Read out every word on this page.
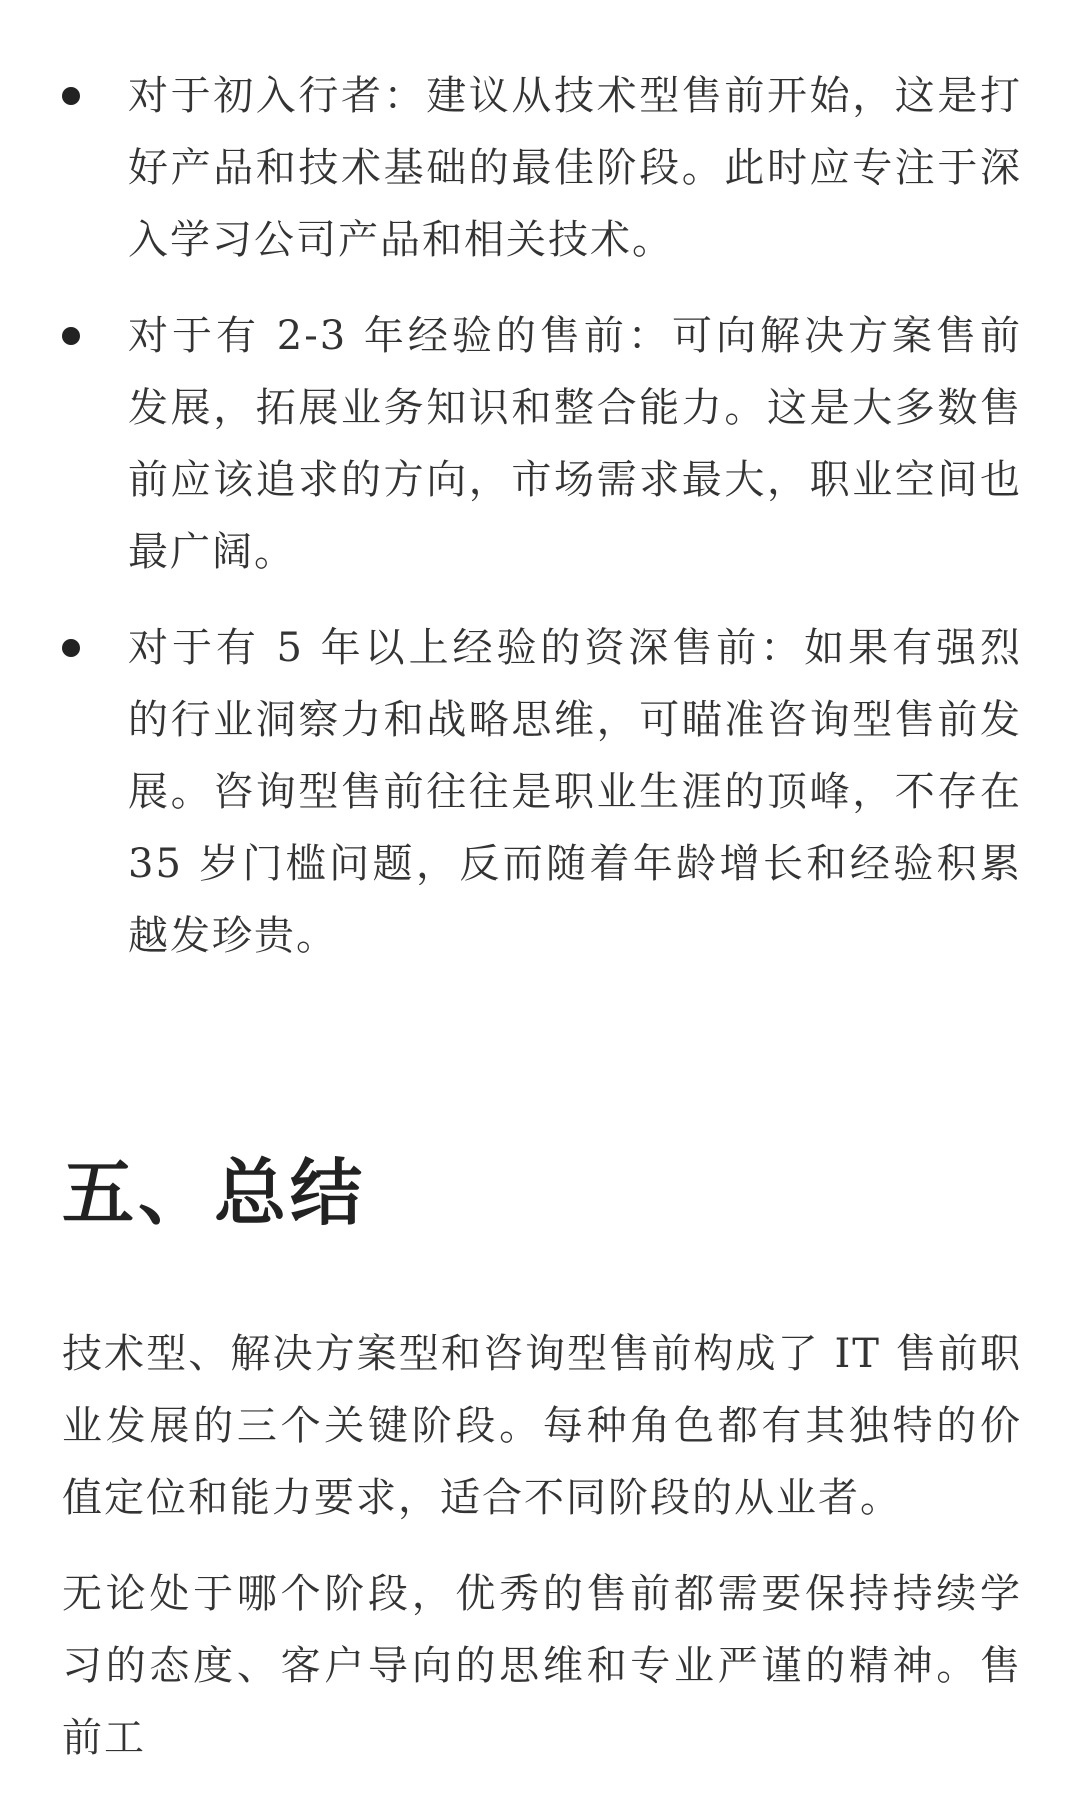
对于初入行者：建议从技术型售前开始，这是打好产品和技术基础的最佳阶段。此时应专注于深入学习公司产品和相关技术。
对于有 2-3 年经验的售前：可向解决方案售前发展，拓展业务知识和整合能力。这是大多数售前应该追求的方向，市场需求最大，职业空间也最广阔。
对于有 5 年以上经验的资深售前：如果有强烈的行业洞察力和战略思维，可瞄准咨询型售前发展。咨询型售前往往是职业生涯的顶峰，不存在35 岁门槛问题，反而随着年龄增长和经验积累越发珍贵。
五、总结

技术型、解决方案型和咨询型售前构成了 IT 售前职业发展的三个关键阶段。每种角色都有其独特的价值定位和能力要求，适合不同阶段的从业者。

无论处于哪个阶段，优秀的售前都需要保持持续学习的态度、客户导向的思维和专业严谨的精神。售前工
